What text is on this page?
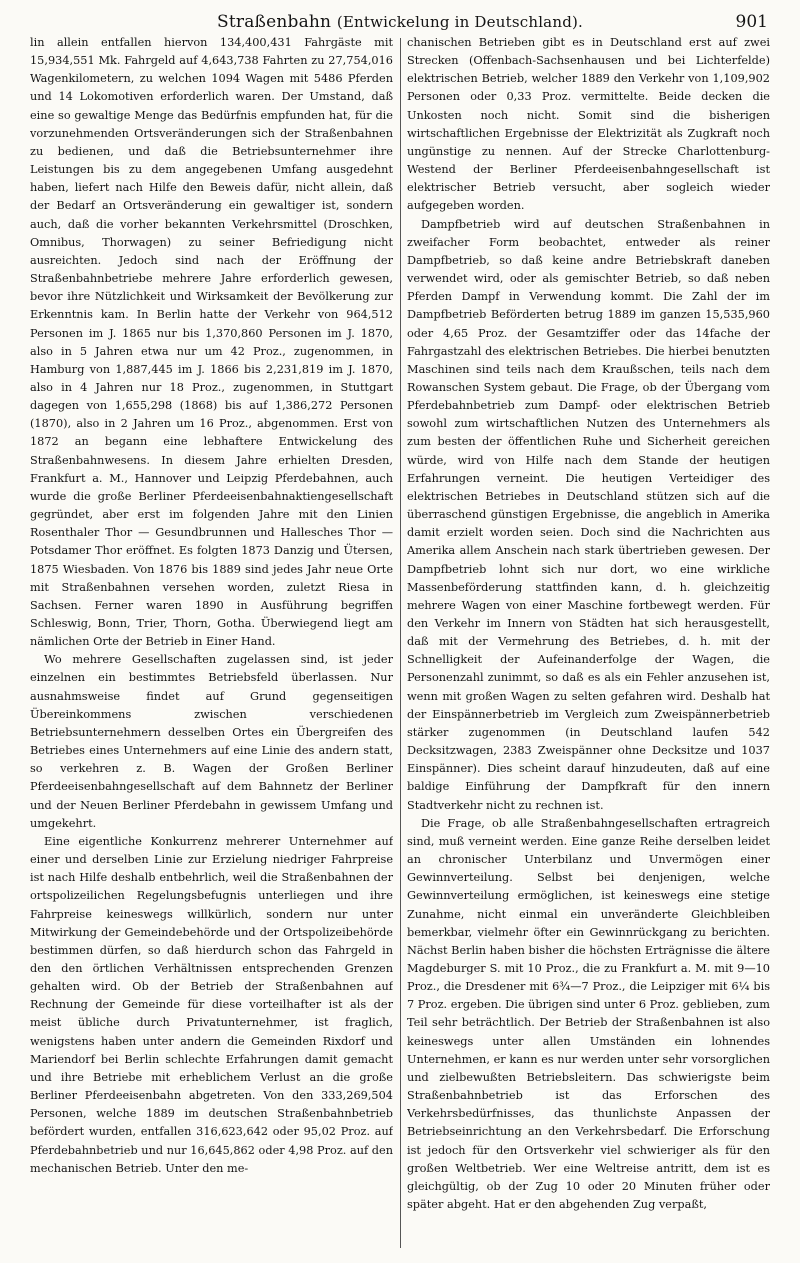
Straßenbahn (Entwickelung in Deutschland).	901

lin allein entfallen hiervon 134,400,431 Fahrgäste mit 15,934,551 Mk. Fahrgeld auf 4,643,738 Fahrten zu 27,754,016 Wagenkilometern, zu welchen 1094 Wagen mit 5486 Pferden und 14 Lokomotiven erforderlich waren. Der Umstand, daß eine so gewaltige Menge das Bedürfnis empfunden hat, für die vorzunehmenden Ortsveränderungen sich der Straßenbahnen zu bedienen, und daß die Betriebsunternehmer ihre Leistungen bis zu dem angegebenen Umfang ausgedehnt haben, liefert nach Hilfe den Beweis dafür, nicht allein, daß der Bedarf an Ortsveränderung ein gewaltiger ist, sondern auch, daß die vorher bekannten Verkehrsmittel (Droschken, Omnibus, Thorwagen) zu seiner Befriedigung nicht ausreichten. Jedoch sind nach der Eröffnung der Straßenbahnbetriebe mehrere Jahre erforderlich gewesen, bevor ihre Nützlichkeit und Wirksamkeit der Bevölkerung zur Erkenntnis kam. In Berlin hatte der Verkehr von 964,512 Personen im J. 1865 nur bis 1,370,860 Personen im J. 1870, also in 5 Jahren etwa nur um 42 Proz., zugenommen, in Hamburg von 1,887,445 im J. 1866 bis 2,231,819 im J. 1870, also in 4 Jahren nur 18 Proz., zugenommen, in Stuttgart dagegen von 1,655,298 (1868) bis auf 1,386,272 Personen (1870), also in 2 Jahren um 16 Proz., abgenommen. Erst von 1872 an begann eine lebhaftere Entwickelung des Straßenbahnwesens. In diesem Jahre erhielten Dresden, Frankfurt a. M., Hannover und Leipzig Pferdebahnen, auch wurde die große Berliner Pferdeeisenbahnaktiengesellschaft gegründet, aber erst im folgenden Jahre mit den Linien Rosenthaler Thor — Gesundbrunnen und Hallesches Thor — Potsdamer Thor eröffnet. Es folgten 1873 Danzig und Ütersen, 1875 Wiesbaden. Von 1876 bis 1889 sind jedes Jahr neue Orte mit Straßenbahnen versehen worden, zuletzt Riesa in Sachsen. Ferner waren 1890 in Ausführung begriffen Schleswig, Bonn, Trier, Thorn, Gotha. Überwiegend liegt am nämlichen Orte der Betrieb in Einer Hand.

Wo mehrere Gesellschaften zugelassen sind, ist jeder einzelnen ein bestimmtes Betriebsfeld überlassen. Nur ausnahmsweise findet auf Grund gegenseitigen Übereinkommens zwischen verschiedenen Betriebsunternehmern desselben Ortes ein Übergreifen des Betriebes eines Unternehmers auf eine Linie des andern statt, so verkehren z. B. Wagen der Großen Berliner Pferdeeisenbahngesellschaft auf dem Bahnnetz der Berliner und der Neuen Berliner Pferdebahn in gewissem Umfang und umgekehrt.

Eine eigentliche Konkurrenz mehrerer Unternehmer auf einer und derselben Linie zur Erzielung niedriger Fahrpreise ist nach Hilfe deshalb entbehrlich, weil die Straßenbahnen der ortspolizeilichen Regelungsbefugnis unterliegen und ihre Fahrpreise keineswegs willkürlich, sondern nur unter Mitwirkung der Gemeindebehörde und der Ortspolizeibehörde bestimmen dürfen, so daß hierdurch schon das Fahrgeld in den den örtlichen Verhältnissen entsprechenden Grenzen gehalten wird. Ob der Betrieb der Straßenbahnen auf Rechnung der Gemeinde für diese vorteilhafter ist als der meist übliche durch Privatunternehmer, ist fraglich, wenigstens haben unter andern die Gemeinden Rixdorf und Mariendorf bei Berlin schlechte Erfahrungen damit gemacht und ihre Betriebe mit erheblichem Verlust an die große Berliner Pferdeeisenbahn abgetreten. Von den 333,269,504 Personen, welche 1889 im deutschen Straßenbahnbetrieb befördert wurden, entfallen 316,623,642 oder 95,02 Proz. auf Pferdebahnbetrieb und nur 16,645,862 oder 4,98 Proz. auf den mechanischen Betrieb. Unter den me-

chanischen Betrieben gibt es in Deutschland erst auf zwei Strecken (Offenbach-Sachsenhausen und bei Lichterfelde) elektrischen Betrieb, welcher 1889 den Verkehr von 1,109,902 Personen oder 0,33 Proz. vermittelte. Beide decken die Unkosten noch nicht. Somit sind die bisherigen wirtschaftlichen Ergebnisse der Elektrizität als Zugkraft noch ungünstige zu nennen. Auf der Strecke Charlottenburg-Westend der Berliner Pferdeeisenbahngesellschaft ist elektrischer Betrieb versucht, aber sogleich wieder aufgegeben worden.

Dampfbetrieb wird auf deutschen Straßenbahnen in zweifacher Form beobachtet, entweder als reiner Dampfbetrieb, so daß keine andre Betriebskraft daneben verwendet wird, oder als gemischter Betrieb, so daß neben Pferden Dampf in Verwendung kommt. Die Zahl der im Dampfbetrieb Beförderten betrug 1889 im ganzen 15,535,960 oder 4,65 Proz. der Gesamtziffer oder das 14fache der Fahrgastzahl des elektrischen Betriebes. Die hierbei benutzten Maschinen sind teils nach dem Kraußschen, teils nach dem Rowanschen System gebaut. Die Frage, ob der Übergang vom Pferdebahnbetrieb zum Dampf- oder elektrischen Betrieb sowohl zum wirtschaftlichen Nutzen des Unternehmers als zum besten der öffentlichen Ruhe und Sicherheit gereichen würde, wird von Hilfe nach dem Stande der heutigen Erfahrungen verneint. Die heutigen Verteidiger des elektrischen Betriebes in Deutschland stützen sich auf die überraschend günstigen Ergebnisse, die angeblich in Amerika damit erzielt worden seien. Doch sind die Nachrichten aus Amerika allem Anschein nach stark übertrieben gewesen. Der Dampfbetrieb lohnt sich nur dort, wo eine wirkliche Massenbeförderung stattfinden kann, d. h. gleichzeitig mehrere Wagen von einer Maschine fortbewegt werden. Für den Verkehr im Innern von Städten hat sich herausgestellt, daß mit der Vermehrung des Betriebes, d. h. mit der Schnelligkeit der Aufeinanderfolge der Wagen, die Personenzahl zunimmt, so daß es als ein Fehler anzusehen ist, wenn mit großen Wagen zu selten gefahren wird. Deshalb hat der Einspännerbetrieb im Vergleich zum Zweispännerbetrieb stärker zugenommen (in Deutschland laufen 542 Decksitzwagen, 2383 Zweispänner ohne Decksitze und 1037 Einspänner). Dies scheint darauf hinzudeuten, daß auf eine baldige Einführung der Dampfkraft für den innern Stadtverkehr nicht zu rechnen ist.

Die Frage, ob alle Straßenbahngesellschaften ertragreich sind, muß verneint werden. Eine ganze Reihe derselben leidet an chronischer Unterbilanz und Unvermögen einer Gewinnverteilung. Selbst bei denjenigen, welche Gewinnverteilung ermöglichen, ist keineswegs eine stetige Zunahme, nicht einmal ein unveränderte Gleichbleiben bemerkbar, vielmehr öfter ein Gewinnrückgang zu berichten. Nächst Berlin haben bisher die höchsten Erträgnisse die ältere Magdeburger S. mit 10 Proz., die zu Frankfurt a. M. mit 9—10 Proz., die Dresdener mit 6¾—7 Proz., die Leipziger mit 6¼ bis 7 Proz. ergeben. Die übrigen sind unter 6 Proz. geblieben, zum Teil sehr beträchtlich. Der Betrieb der Straßenbahnen ist also keineswegs unter allen Umständen ein lohnendes Unternehmen, er kann es nur werden unter sehr vorsorglichen und zielbewußten Betriebsleitern. Das schwierigste beim Straßenbahnbetrieb ist das Erforschen des Verkehrsbedürfnisses, das thunlichste Anpassen der Betriebseinrichtung an den Verkehrsbedarf. Die Erforschung ist jedoch für den Ortsverkehr viel schwieriger als für den großen Weltbetrieb. Wer eine Weltreise antritt, dem ist es gleichgültig, ob der Zug 10 oder 20 Minuten früher oder später abgeht. Hat er den abgehenden Zug verpaßt,
